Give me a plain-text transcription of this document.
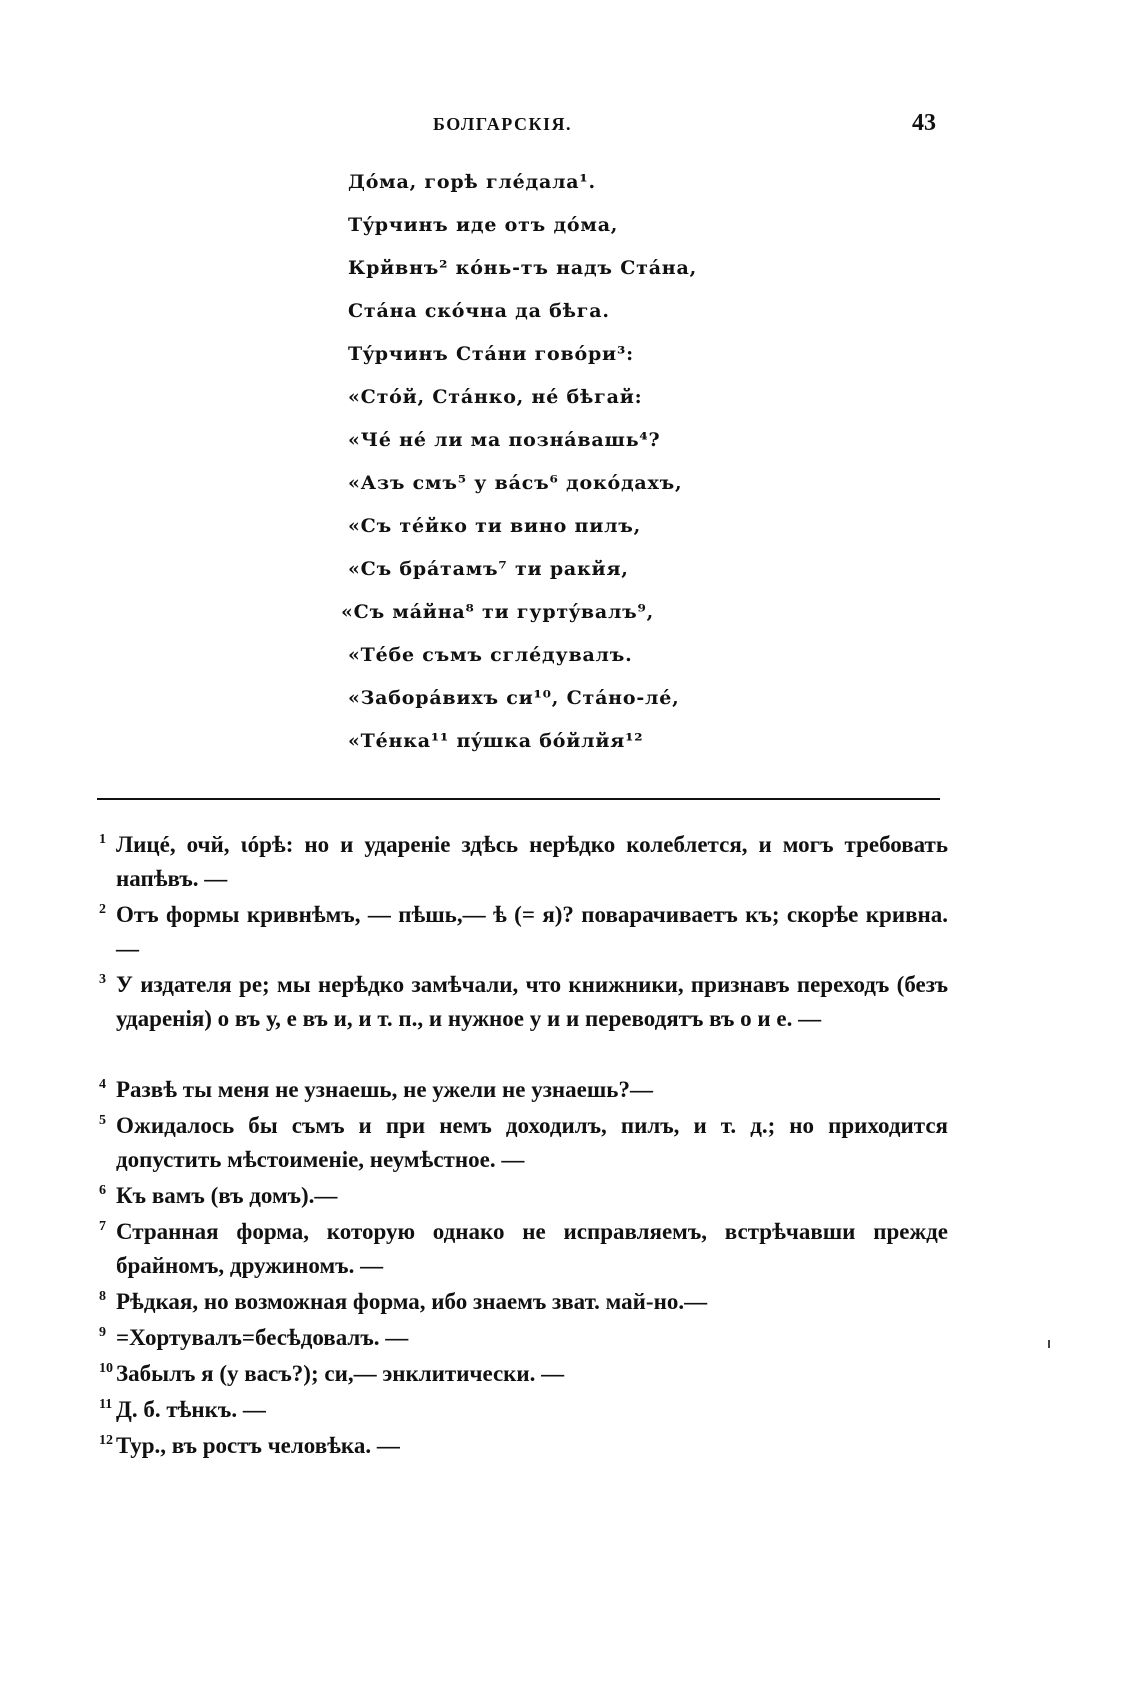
БОЛГАРСКІЯ.	43
Дóма, горѣ глéдала¹.
Тýрчинъ иде отъ дóма,
Крйвнъ² кóнь-тъ надъ Стáна,
Стáна скóчна да бѣга.
Тýрчинъ Стáни говóри³:
«Стóй, Стáнко, нé бѣгай:
«Чé нé ли ма познáвашь⁴?
«Азъ смъ⁵ у вáсъ⁶ докóдахъ,
«Съ тéйко ти вино пилъ,
«Съ брáтамъ⁷ ти ракйя,
«Съ мáйна⁸ ти гуртýвалъ⁹,
«Тéбе съмъ сглéдувалъ.
«Заборáвихъ си¹⁰, Стáно-лé,
«Тéнка¹¹ пýшка бóйлйя¹²
1 Лицé, очй, ɩóрѣ: но и удареніе здѣсь нерѣдко колеблется, и могъ требовать напѣвъ. —
2 Отъ формы кривнѣмъ, — пѣшь,— ѣ (= я)? поварачиваетъ къ; скорѣе кривна. —
3 У издателя ре; мы нерѣдко замѣчали, что книжники, признавъ переходъ (безъ ударенія) о въ у, е въ и, и т. п., и нужное у и и переводятъ въ о и е. —
4 Развѣ ты меня не узнаешь, не ужели не узнаешь?—
5 Ожидалось бы съмъ и при немъ доходилъ, пилъ, и т. д.; но приходится допустить мѣстоименіе, неумѣстное. —
6 Къ вамъ (въ домъ).—
7 Странная форма, которую однако не исправляемъ, встрѣчавши прежде брайномъ, дружиномъ. —
8 Рѣдкая, но возможная форма, ибо знаемъ зват. май-но.—
9 =Хортувалъ=бесѣдовалъ. —
10 Забылъ я (у васъ?); си,— энклитически. —
11 Д. б. тѣнкъ. —
12 Тур., въ ростъ человѣка. —
